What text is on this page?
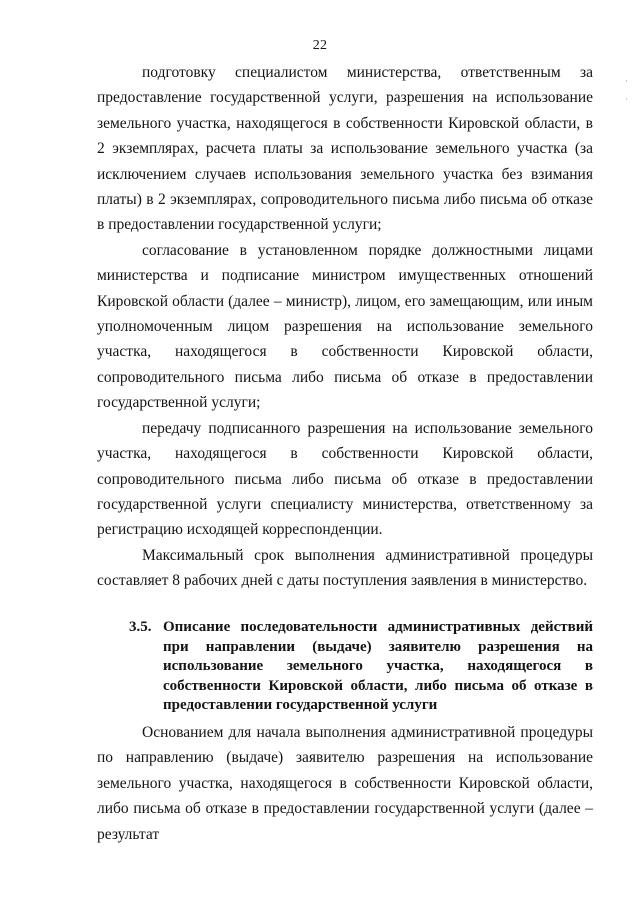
22
·
·

подготовку специалистом министерства, ответственным за предоставление государственной услуги, разрешения на использование земельного участка, находящегося в собственности Кировской области, в 2 экземплярах, расчета платы за использование земельного участка (за исключением случаев использования земельного участка без взимания платы) в 2 экземплярах, сопроводительного письма либо письма об отказе в предоставлении государственной услуги;

согласование в установленном порядке должностными лицами министерства и подписание министром имущественных отношений Кировской области (далее – министр), лицом, его замещающим, или иным уполномоченным лицом разрешения на использование земельного участка, находящегося в собственности Кировской области, сопроводительного письма либо письма об отказе в предоставлении государственной услуги;

передачу подписанного разрешения на использование земельного участка, находящегося в собственности Кировской области, сопроводительного письма либо письма об отказе в предоставлении государственной услуги специалисту министерства, ответственному за регистрацию исходящей корреспонденции.

Максимальный срок выполнения административной процедуры составляет 8 рабочих дней с даты поступления заявления в министерство.

3.5. Описание последовательности административных действий при направлении (выдаче) заявителю разрешения на использование земельного участка, находящегося в собственности Кировской области, либо письма об отказе в предоставлении государственной услуги

Основанием для начала выполнения административной процедуры по направлению (выдаче) заявителю разрешения на использование земельного участка, находящегося в собственности Кировской области, либо письма об отказе в предоставлении государственной услуги (далее – результат
